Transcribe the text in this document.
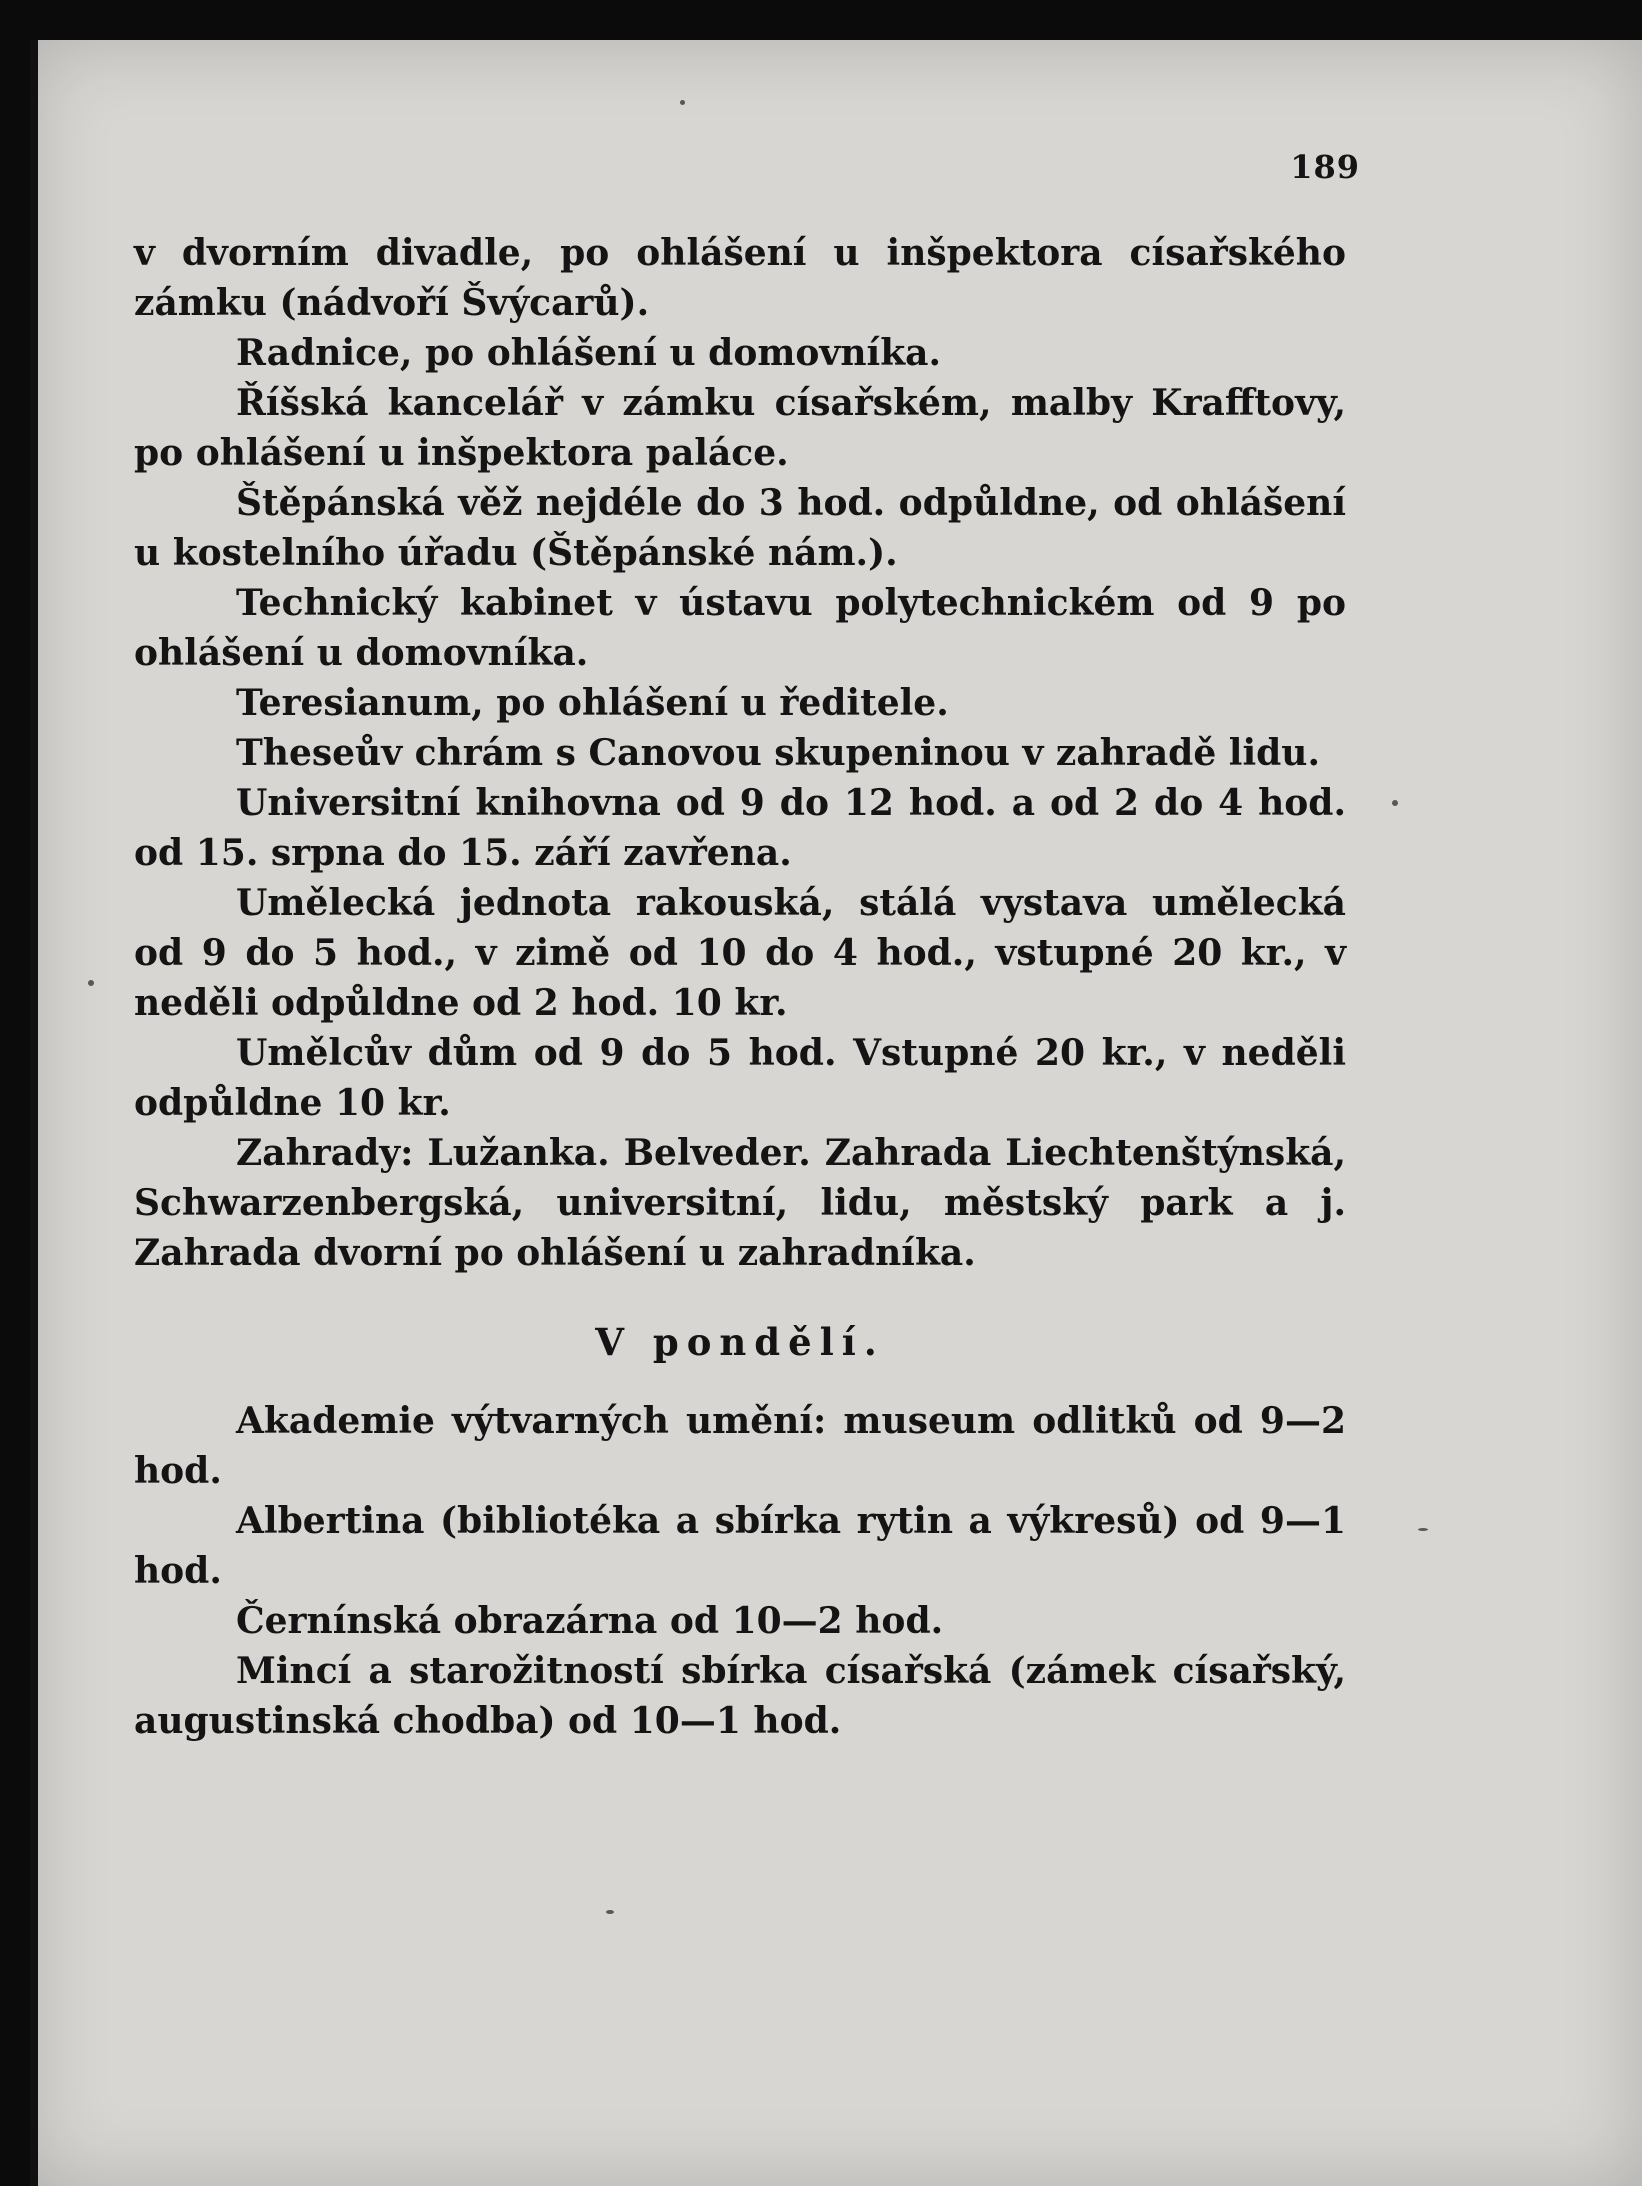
189

v dvorním divadle, po ohlášení u inšpektora císařského zámku (nádvoří Švýcarů).

Radnice, po ohlášení u domovníka.

Říšská kancelář v zámku císařském, malby Krafftovy, po ohlášení u inšpektora paláce.

Štěpánská věž nejdéle do 3 hod. odpůldne, od ohlášení u kostelního úřadu (Štěpánské nám.).

Technický kabinet v ústavu polytechnickém od 9 po ohlášení u domovníka.

Teresianum, po ohlášení u ředitele.

Theseův chrám s Canovou skupeninou v zahradě lidu.

Universitní knihovna od 9 do 12 hod. a od 2 do 4 hod. od 15. srpna do 15. září zavřena.

Umělecká jednota rakouská, stálá vystava umělecká od 9 do 5 hod., v zimě od 10 do 4 hod., vstupné 20 kr., v neděli odpůldne od 2 hod. 10 kr.

Umělcův dům od 9 do 5 hod. Vstupné 20 kr., v neděli odpůldne 10 kr.

Zahrady: Lužanka. Belveder. Zahrada Liechtenštýnská, Schwarzenbergská, universitní, lidu, městský park a j. Zahrada dvorní po ohlášení u zahradníka.

V pondělí.

Akademie výtvarných umění: museum odlitků od 9—2 hod.

Albertina (bibliotéka a sbírka rytin a výkresů) od 9—1 hod.

Černínská obrazárna od 10—2 hod.

Mincí a starožitností sbírka císařská (zámek císařský, augustinská chodba) od 10—1 hod.
